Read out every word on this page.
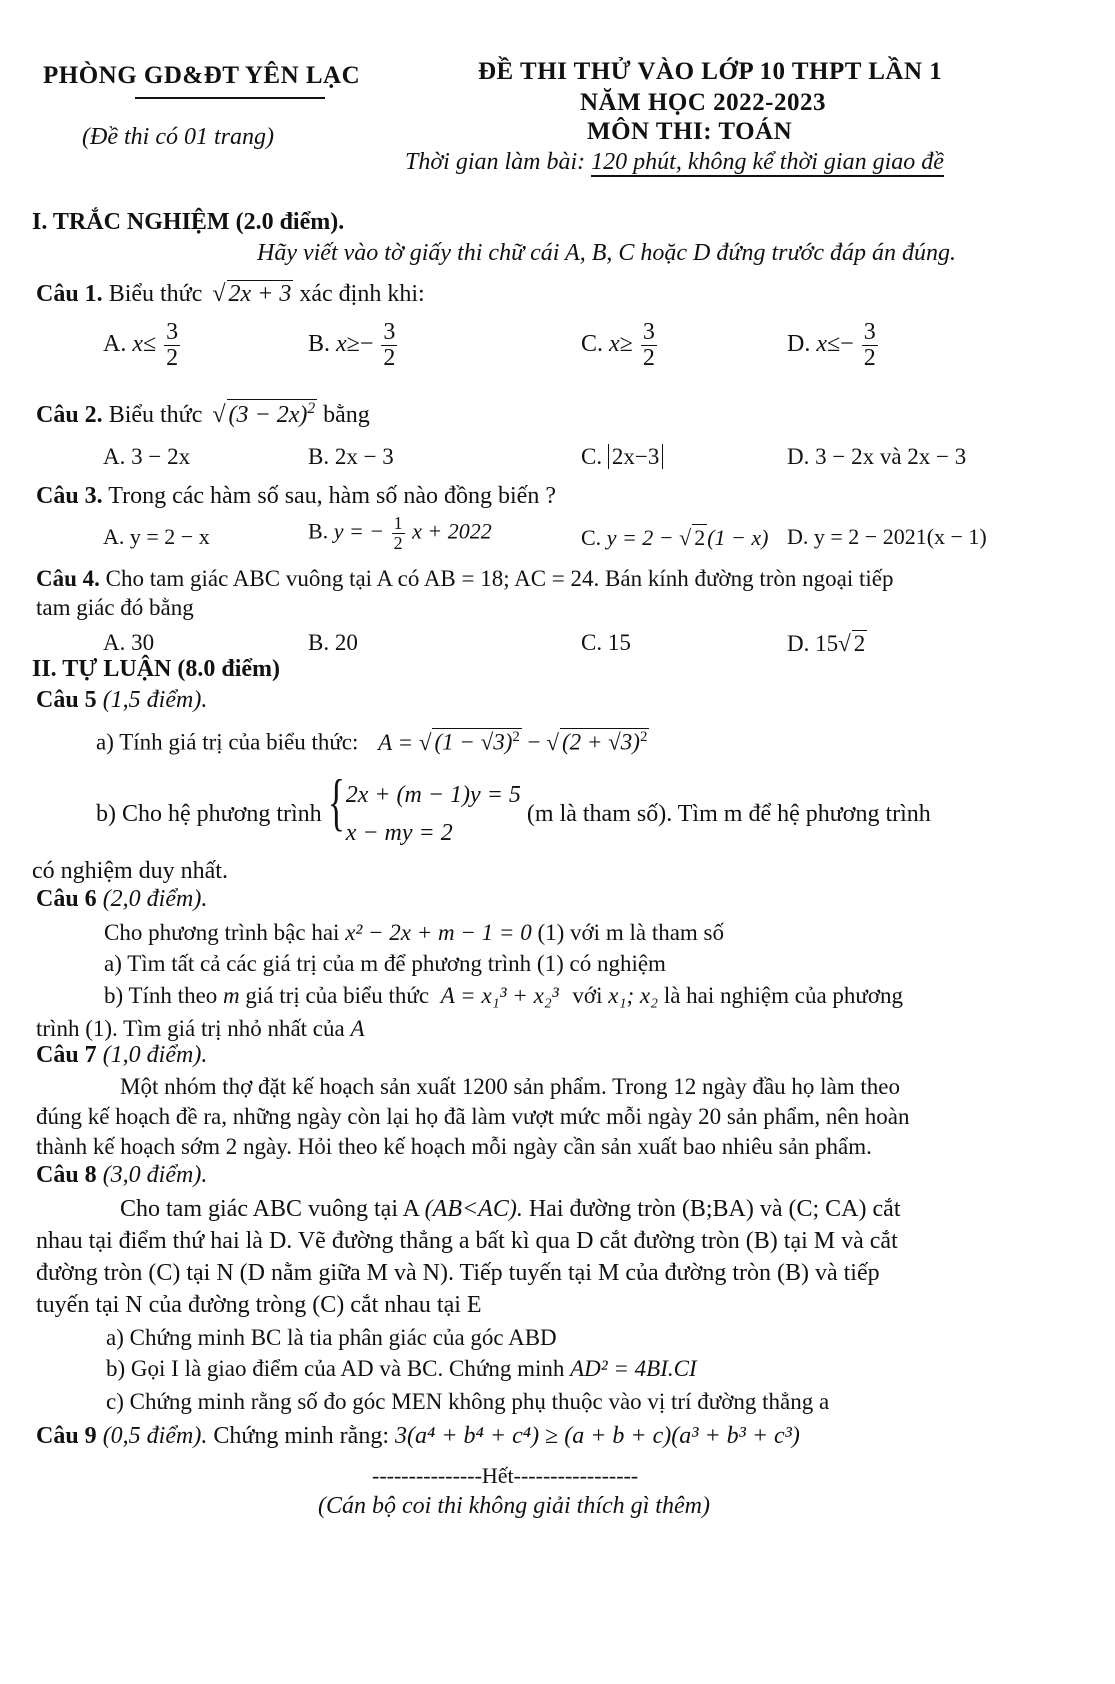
PHÒNG GD&ĐT YÊN LẠC
(Đề thi có 01 trang)
ĐỀ THI THỬ VÀO LỚP 10 THPT LẦN 1
NĂM HỌC 2022-2023
MÔN THI: TOÁN
Thời gian làm bài: 120 phút, không kể thời gian giao đề
I. TRẮC NGHIỆM (2.0 điểm).
Hãy viết vào tờ giấy thi chữ cái A, B, C hoặc D đứng trước đáp án đúng.
Câu 1. Biểu thức √ 2x + 3 xác định khi:
A. $x\le \frac{3}{2}$	B. $x\ge- \frac{3}{2}$	C. $x\ge \frac{3}{2}$	D. $x\le- \frac{3}{2}$
Câu 2. Biểu thức √ $(3 - 2x)^2$ bằng
A. 3 − 2x	B. 2x − 3	C. 2x−3	D. 3 − 2x và 2x − 3
Câu 3. Trong các hàm số sau, hàm số nào đồng biến ?
A. y = 2 − x	B. y = − $\frac{1}{2}$ x + 2022	C. y = 2 − √ 2(1 − x) D. y = 2 − 2021(x − 1)
Câu 4. Cho tam giác ABC vuông tại A có AB = 18; AC = 24. Bán kính đường tròn ngoại tiếp
tam giác đó bằng
A. 30	B. 20	C. 15	D. 15√ 2
II. TỰ LUẬN (8.0 điểm)
Câu 5 (1,5 điểm).
a) Tính giá trị của biểu thức: A = √ $(1 - √3)^2$ − √ $(2 + √3)^2$
b) Cho hệ phương trình { 2x + (m − 1)y = 5
x − my = 2
(m là tham số). Tìm m để hệ phương trình
có nghiệm duy nhất.
Câu 6 (2,0 điểm).
Cho phương trình bậc hai x² − 2x + m − 1 = 0 (1) với m là tham số
a) Tìm tất cả các giá trị của m để phương trình (1) có nghiệm
b) Tính theo m giá trị của biểu thức A = x₁³ + x₂³ với x₁; x₂ là hai nghiệm của phương
trình (1). Tìm giá trị nhỏ nhất của A
Câu 7 (1,0 điểm).
Một nhóm thợ đặt kế hoạch sản xuất 1200 sản phẩm. Trong 12 ngày đầu họ làm theo
đúng kế hoạch đề ra, những ngày còn lại họ đã làm vượt mức mỗi ngày 20 sản phẩm, nên hoàn
thành kế hoạch sớm 2 ngày. Hỏi theo kế hoạch mỗi ngày cần sản xuất bao nhiêu sản phẩm.
Câu 8 (3,0 điểm).
Cho tam giác ABC vuông tại A (AB<AC). Hai đường tròn (B;BA) và (C; CA) cắt
nhau tại điểm thứ hai là D. Vẽ đường thẳng a bất kì qua D cắt đường tròn (B) tại M và cắt
đường tròn (C) tại N (D nằm giữa M và N). Tiếp tuyến tại M của đường tròn (B) và tiếp
tuyến tại N của đường tròng (C) cắt nhau tại E
a) Chứng minh BC là tia phân giác của góc ABD
b) Gọi I là giao điểm của AD và BC. Chứng minh AD² = 4BI.CI
c) Chứng minh rằng số đo góc MEN không phụ thuộc vào vị trí đường thẳng a
Câu 9 (0,5 điểm). Chứng minh rằng: 3(a⁴ + b⁴ + c⁴) ≥ (a + b + c)(a³ + b³ + c³)
---------------Hết-----------------
(Cán bộ coi thi không giải thích gì thêm)
